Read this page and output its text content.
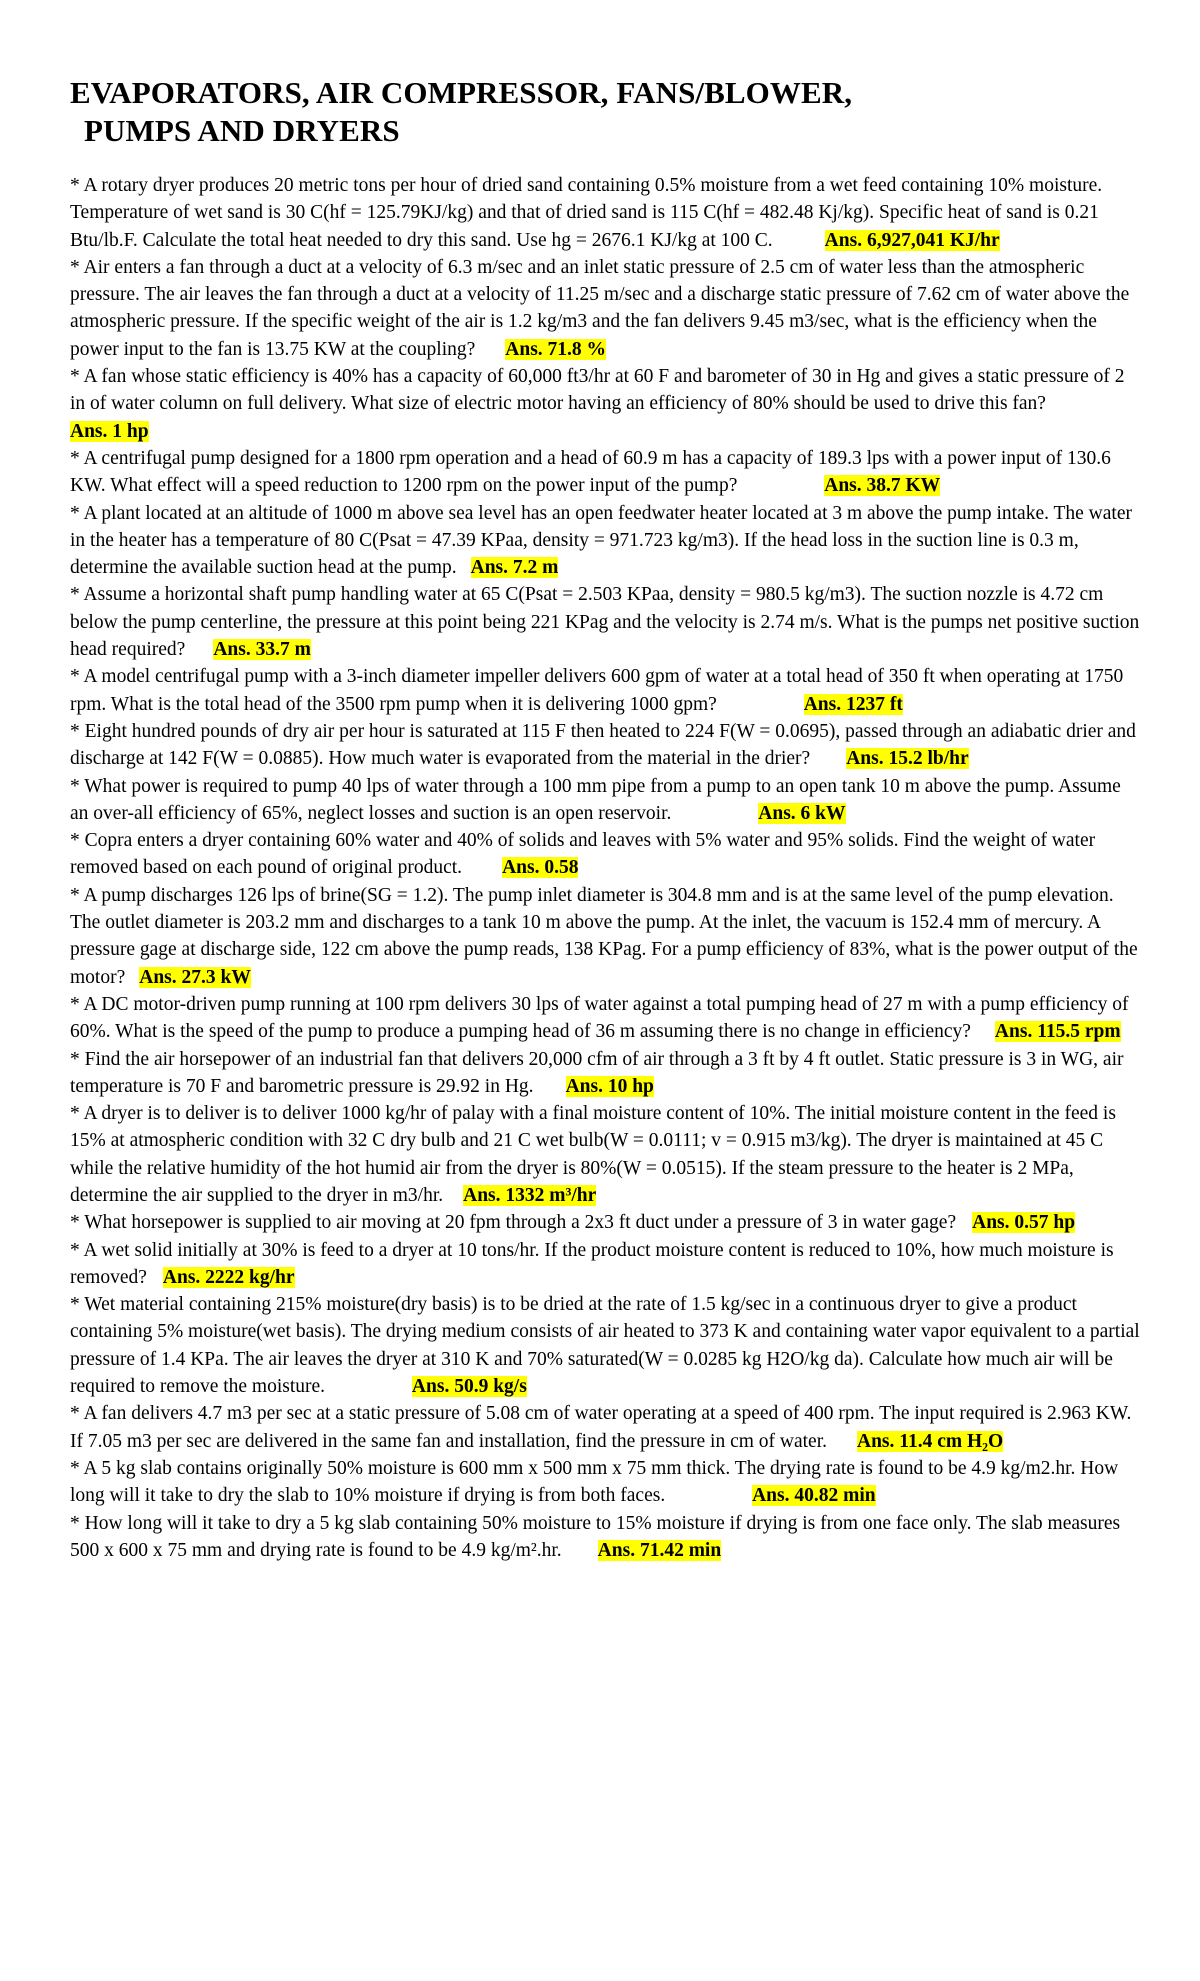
EVAPORATORS, AIR COMPRESSOR, FANS/BLOWER,
PUMPS AND DRYERS

* A rotary dryer produces 20 metric tons per hour of dried sand containing 0.5% moisture from a wet feed containing 10% moisture. Temperature of wet sand is 30 C(hf = 125.79KJ/kg) and that of dried sand is 115 C(hf = 482.48 Kj/kg). Specific heat of sand is 0.21 Btu/lb.F. Calculate the total heat needed to dry this sand. Use hg = 2676.1 KJ/kg at 100 C.	Ans. 6,927,041 KJ/hr

* Air enters a fan through a duct at a velocity of 6.3 m/sec and an inlet static pressure of 2.5 cm of water less than the atmospheric pressure. The air leaves the fan through a duct at a velocity of 11.25 m/sec and a discharge static pressure of 7.62 cm of water above the atmospheric pressure. If the specific weight of the air is 1.2 kg/m3 and the fan delivers 9.45 m3/sec, what is the efficiency when the power input to the fan is 13.75 KW at the coupling? Ans. 71.8 %

* A fan whose static efficiency is 40% has a capacity of 60,000 ft3/hr at 60 F and barometer of 30 in Hg and gives a static pressure of 2 in of water column on full delivery. What size of electric motor having an efficiency of 80% should be used to drive this fan?Ans. 1 hp

* A centrifugal pump designed for a 1800 rpm operation and a head of 60.9 m has a capacity of 189.3 lps with a power input of 130.6 KW. What effect will a speed reduction to 1200 rpm on the power input of the pump?	Ans. 38.7 KW

* A plant located at an altitude of 1000 m above sea level has an open feedwater heater located at 3 m above the pump intake. The water in the heater has a temperature of 80 C(Psat = 47.39 KPaa, density = 971.723 kg/m3). If the head loss in the suction line is 0.3 m, determine the available suction head at the pump. Ans. 7.2 m

* Assume a horizontal shaft pump handling water at 65 C(Psat = 2.503 KPaa, density = 980.5 kg/m3). The suction nozzle is 4.72 cm below the pump centerline, the pressure at this point being 221 KPag and the velocity is 2.74 m/s. What is the pumps net positive suction head required? Ans. 33.7 m

* A model centrifugal pump with a 3-inch diameter impeller delivers 600 gpm of water at a total head of 350 ft when operating at 1750 rpm. What is the total head of the 3500 rpm pump when it is delivering 1000 gpm?	Ans. 1237 ft

* Eight hundred pounds of dry air per hour is saturated at 115 F then heated to 224 F(W = 0.0695), passed through an adiabatic drier and discharge at 142 F(W = 0.0885). How much water is evaporated from the material in the drier? Ans. 15.2 lb/hr

* What power is required to pump 40 lps of water through a 100 mm pipe from a pump to an open tank 10 m above the pump. Assume an over-all efficiency of 65%, neglect losses and suction is an open reservoir.	Ans. 6 kW

* Copra enters a dryer containing 60% water and 40% of solids and leaves with 5% water and 95% solids. Find the weight of water removed based on each pound of original product. Ans. 0.58

* A pump discharges 126 lps of brine(SG = 1.2). The pump inlet diameter is 304.8 mm and is at the same level of the pump elevation. The outlet diameter is 203.2 mm and discharges to a tank 10 m above the pump. At the inlet, the vacuum is 152.4 mm of mercury. A pressure gage at discharge side, 122 cm above the pump reads, 138 KPag. For a pump efficiency of 83%, what is the power output of the motor? Ans. 27.3 kW

* A DC motor-driven pump running at 100 rpm delivers 30 lps of water against a total pumping head of 27 m with a pump efficiency of 60%. What is the speed of the pump to produce a pumping head of 36 m assuming there is no change in efficiency? Ans. 115.5 rpm

* Find the air horsepower of an industrial fan that delivers 20,000 cfm of air through a 3 ft by 4 ft outlet. Static pressure is 3 in WG, air temperature is 70 F and barometric pressure is 29.92 in Hg. Ans. 10 hp

* A dryer is to deliver is to deliver 1000 kg/hr of palay with a final moisture content of 10%. The initial moisture content in the feed is 15% at atmospheric condition with 32 C dry bulb and 21 C wet bulb(W = 0.0111; v = 0.915 m3/kg). The dryer is maintained at 45 C while the relative humidity of the hot humid air from the dryer is 80%(W = 0.0515). If the steam pressure to the heater is 2 MPa, determine the air supplied to the dryer in m3/hr. Ans. 1332 m³/hr

* What horsepower is supplied to air moving at 20 fpm through a 2x3 ft duct under a pressure of 3 in water gage? Ans. 0.57 hp

* A wet solid initially at 30% is feed to a dryer at 10 tons/hr. If the product moisture content is reduced to 10%, how much moisture is removed? Ans. 2222 kg/hr

* Wet material containing 215% moisture(dry basis) is to be dried at the rate of 1.5 kg/sec in a continuous dryer to give a product containing 5% moisture(wet basis). The drying medium consists of air heated to 373 K and containing water vapor equivalent to a partial pressure of 1.4 KPa. The air leaves the dryer at 310 K and 70% saturated(W = 0.0285 kg H2O/kg da). Calculate how much air will be required to remove the moisture.	Ans. 50.9 kg/s

* A fan delivers 4.7 m3 per sec at a static pressure of 5.08 cm of water operating at a speed of 400 rpm. The input required is 2.963 KW. If 7.05 m3 per sec are delivered in the same fan and installation, find the pressure in cm of water. Ans. 11.4 cm H₂O

* A 5 kg slab contains originally 50% moisture is 600 mm x 500 mm x 75 mm thick. The drying rate is found to be 4.9 kg/m2.hr. How long will it take to dry the slab to 10% moisture if drying is from both faces.	Ans. 40.82 min

* How long will it take to dry a 5 kg slab containing 50% moisture to 15% moisture if drying is from one face only. The slab measures 500 x 600 x 75 mm and drying rate is found to be 4.9 kg/m².hr. Ans. 71.42 min
